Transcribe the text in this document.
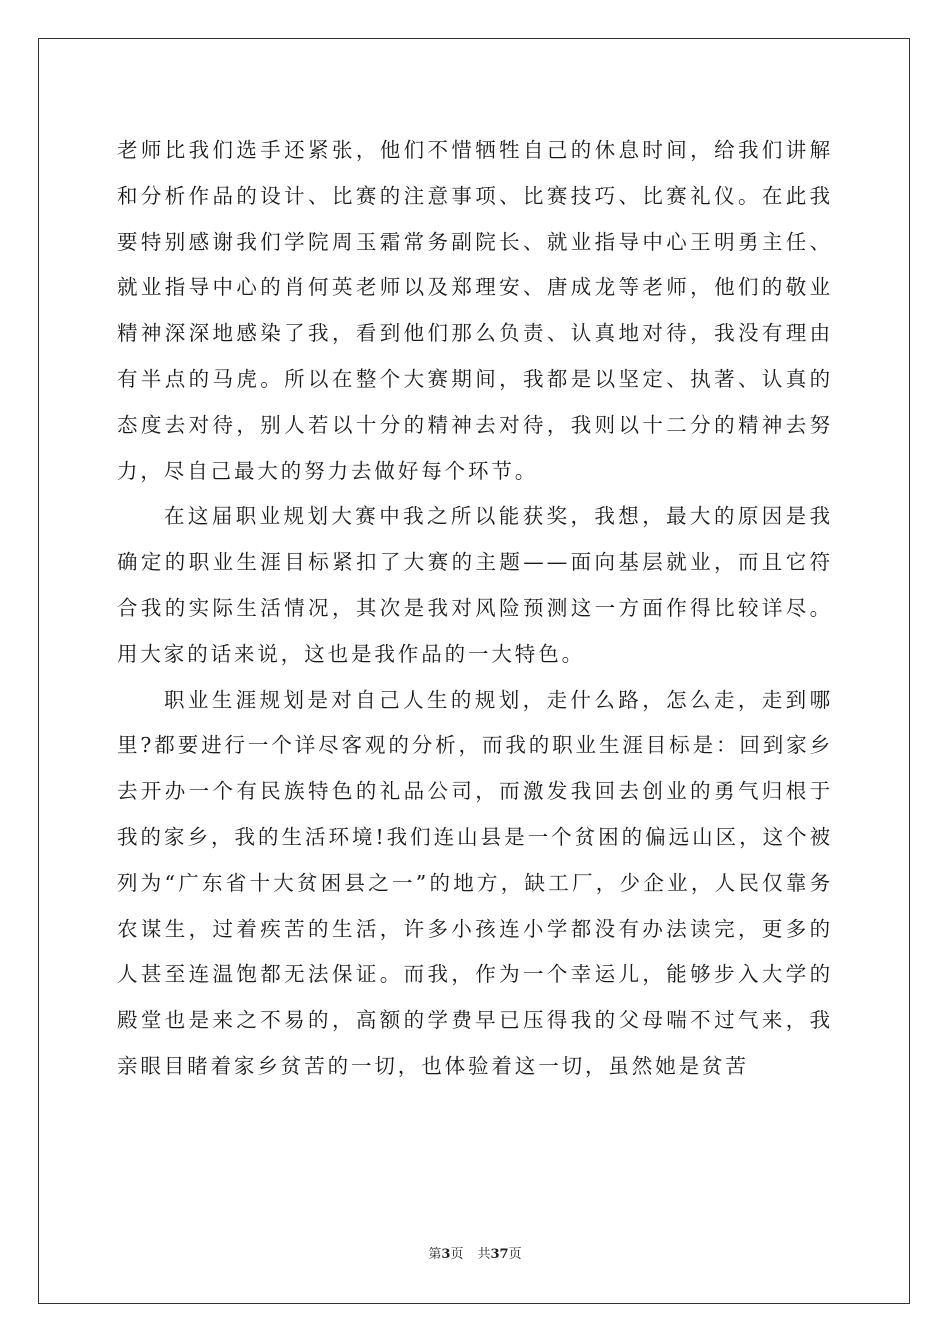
老师比我们选手还紧张，他们不惜牺牲自己的休息时间，给我们讲解和分析作品的设计、比赛的注意事项、比赛技巧、比赛礼仪。在此我要特别感谢我们学院周玉霜常务副院长、就业指导中心王明勇主任、就业指导中心的肖何英老师以及郑理安、唐成龙等老师，他们的敬业精神深深地感染了我，看到他们那么负责、认真地对待，我没有理由有半点的马虎。所以在整个大赛期间，我都是以坚定、执著、认真的态度去对待，别人若以十分的精神去对待，我则以十二分的精神去努力，尽自己最大的努力去做好每个环节。

在这届职业规划大赛中我之所以能获奖，我想，最大的原因是我确定的职业生涯目标紧扣了大赛的主题——面向基层就业，而且它符合我的实际生活情况，其次是我对风险预测这一方面作得比较详尽。用大家的话来说，这也是我作品的一大特色。

职业生涯规划是对自己人生的规划，走什么路，怎么走，走到哪里?都要进行一个详尽客观的分析，而我的职业生涯目标是：回到家乡去开办一个有民族特色的礼品公司，而激发我回去创业的勇气归根于我的家乡，我的生活环境!我们连山县是一个贫困的偏远山区，这个被列为“广东省十大贫困县之一”的地方，缺工厂，少企业，人民仅靠务农谋生，过着疾苦的生活，许多小孩连小学都没有办法读完，更多的人甚至连温饱都无法保证。而我，作为一个幸运儿，能够步入大学的殿堂也是来之不易的，高额的学费早已压得我的父母喘不过气来，我亲眼目睹着家乡贫苦的一切，也体验着这一切，虽然她是贫苦

第3页 共37页
